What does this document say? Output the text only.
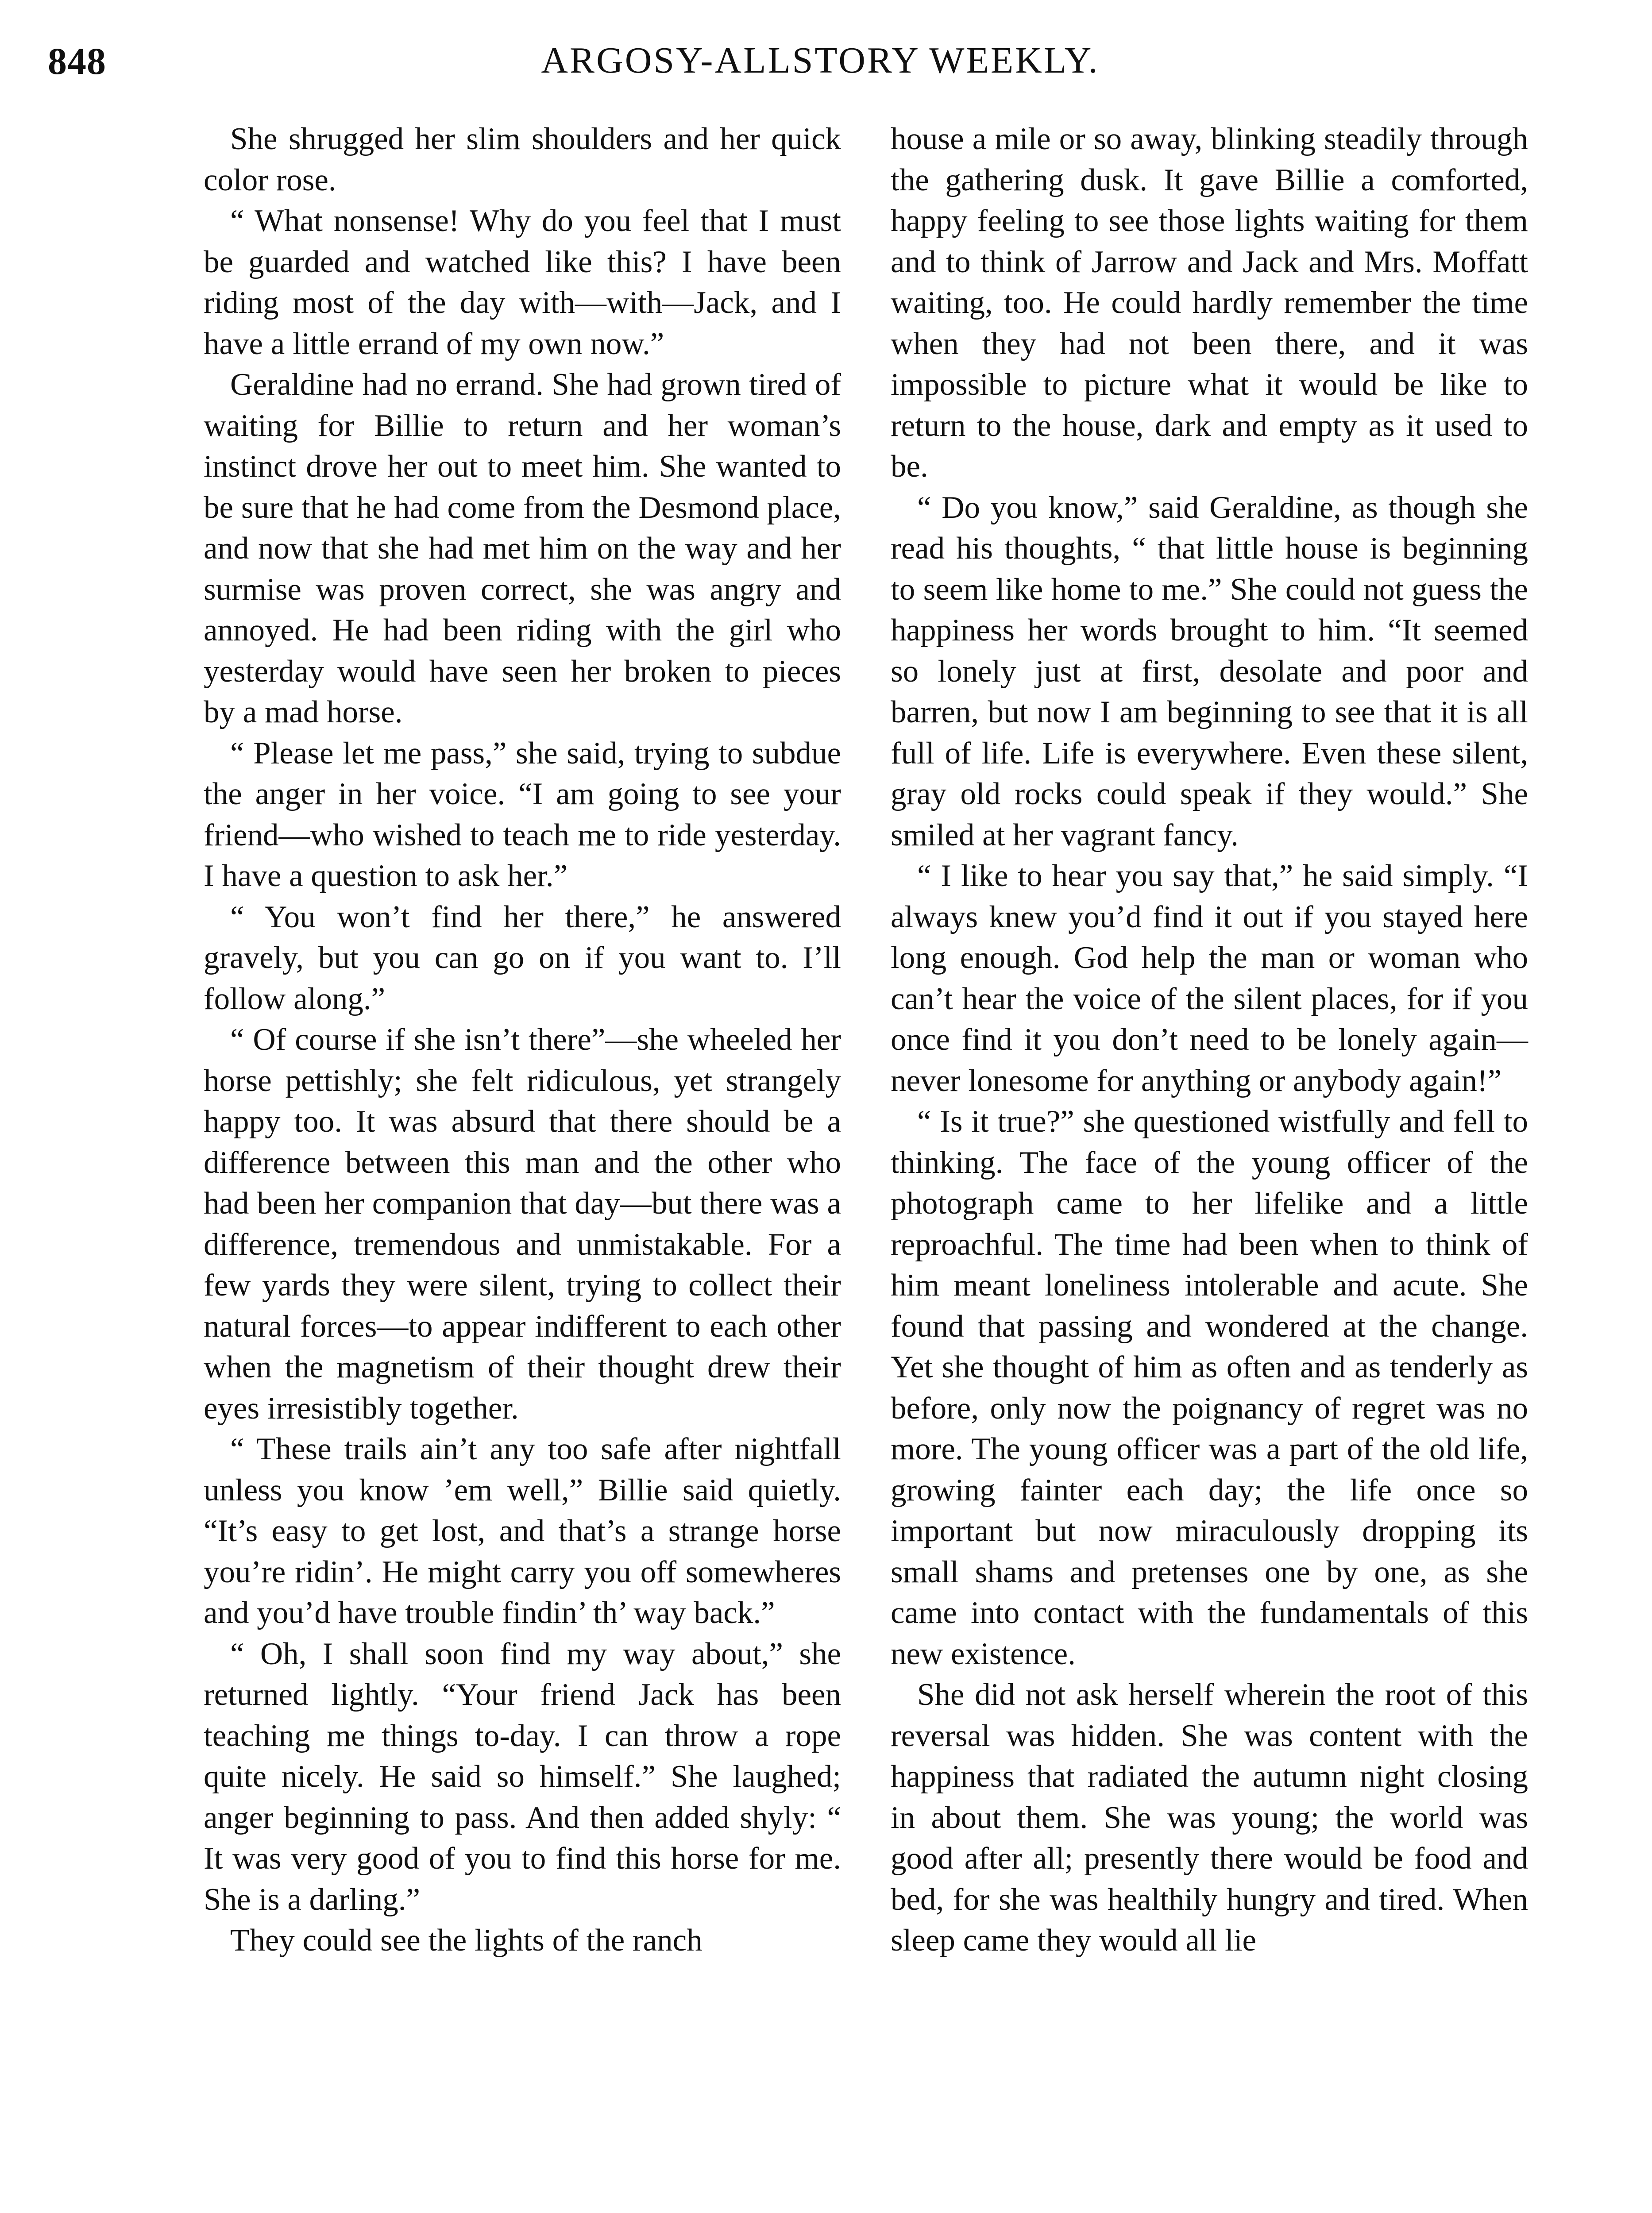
848	ARGOSY-ALLSTORY WEEKLY.

She shrugged her slim shoulders and her quick color rose.

“ What nonsense! Why do you feel that I must be guarded and watched like this? I have been riding most of the day with—with—Jack, and I have a little errand of my own now.”

Geraldine had no errand. She had grown tired of waiting for Billie to return and her woman’s instinct drove her out to meet him. She wanted to be sure that he had come from the Desmond place, and now that she had met him on the way and her surmise was proven correct, she was angry and annoyed. He had been riding with the girl who yesterday would have seen her broken to pieces by a mad horse.

“ Please let me pass,” she said, trying to subdue the anger in her voice. “I am going to see your friend—who wished to teach me to ride yesterday. I have a question to ask her.”

“ You won’t find her there,” he answered gravely, but you can go on if you want to. I’ll follow along.”

“ Of course if she isn’t there”—she wheeled her horse pettishly; she felt ridiculous, yet strangely happy too. It was absurd that there should be a difference between this man and the other who had been her companion that day—but there was a difference, tremendous and unmistakable. For a few yards they were silent, trying to collect their natural forces—to appear indifferent to each other when the magnetism of their thought drew their eyes irresistibly together.

“ These trails ain’t any too safe after nightfall unless you know ’em well,” Billie said quietly. “It’s easy to get lost, and that’s a strange horse you’re ridin’. He might carry you off somewheres and you’d have trouble findin’ th’ way back.”

“ Oh, I shall soon find my way about,” she returned lightly. “Your friend Jack has been teaching me things to-day. I can throw a rope quite nicely. He said so himself.” She laughed; anger beginning to pass. And then added shyly: “ It was very good of you to find this horse for me. She is a darling.”

They could see the lights of the ranch

house a mile or so away, blinking steadily through the gathering dusk. It gave Billie a comforted, happy feeling to see those lights waiting for them and to think of Jarrow and Jack and Mrs. Moffatt waiting, too. He could hardly remember the time when they had not been there, and it was impossible to picture what it would be like to return to the house, dark and empty as it used to be.

“ Do you know,” said Geraldine, as though she read his thoughts, “ that little house is beginning to seem like home to me.” She could not guess the happiness her words brought to him. “It seemed so lonely just at first, desolate and poor and barren, but now I am beginning to see that it is all full of life. Life is everywhere. Even these silent, gray old rocks could speak if they would.” She smiled at her vagrant fancy.

“ I like to hear you say that,” he said simply. “I always knew you’d find it out if you stayed here long enough. God help the man or woman who can’t hear the voice of the silent places, for if you once find it you don’t need to be lonely again—never lonesome for anything or anybody again!”

“ Is it true?” she questioned wistfully and fell to thinking. The face of the young officer of the photograph came to her lifelike and a little reproachful. The time had been when to think of him meant loneliness intolerable and acute. She found that passing and wondered at the change. Yet she thought of him as often and as tenderly as before, only now the poignancy of regret was no more. The young officer was a part of the old life, growing fainter each day; the life once so important but now miraculously dropping its small shams and pretenses one by one, as she came into contact with the fundamentals of this new existence.

She did not ask herself wherein the root of this reversal was hidden. She was content with the happiness that radiated the autumn night closing in about them. She was young; the world was good after all; presently there would be food and bed, for she was healthily hungry and tired. When sleep came they would all lie
